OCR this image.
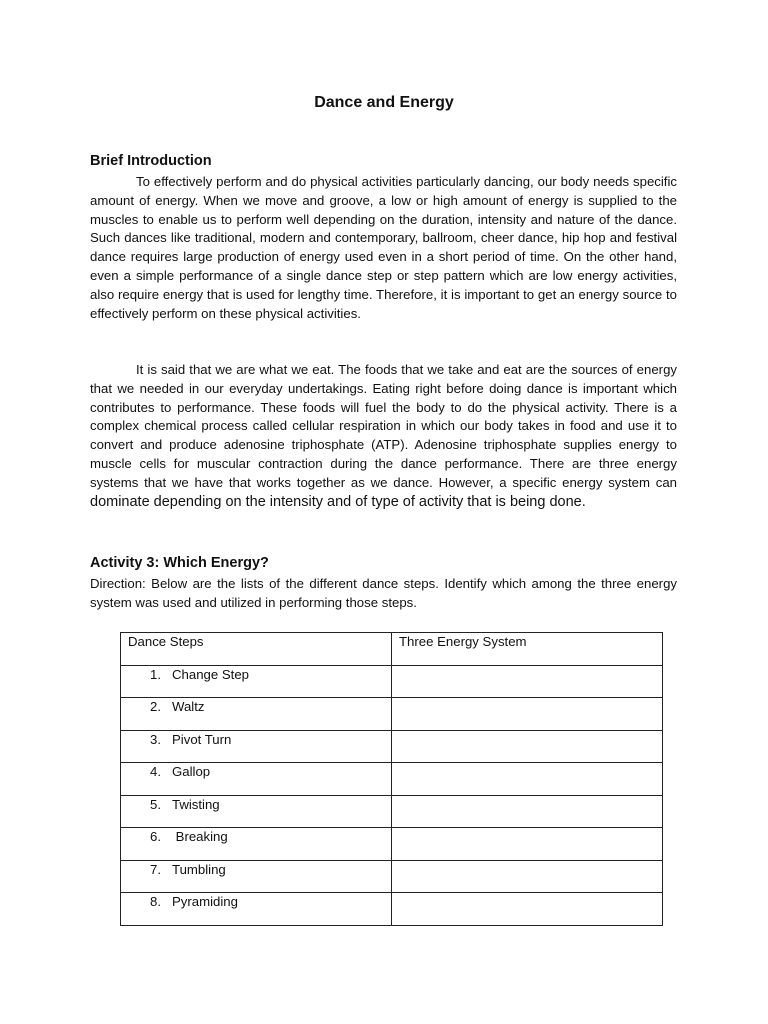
Dance and Energy
Brief Introduction

To effectively perform and do physical activities particularly dancing, our body needs specific amount of energy. When we move and groove, a low or high amount of energy is supplied to the muscles to enable us to perform well depending on the duration, intensity and nature of the dance. Such dances like traditional, modern and contemporary, ballroom, cheer dance, hip hop and festival dance requires large production of energy used even in a short period of time. On the other hand, even a simple performance of a single dance step or step pattern which are low energy activities, also require energy that is used for lengthy time. Therefore, it is important to get an energy source to effectively perform on these physical activities.

It is said that we are what we eat. The foods that we take and eat are the sources of energy that we needed in our everyday undertakings. Eating right before doing dance is important which contributes to performance. These foods will fuel the body to do the physical activity. There is a complex chemical process called cellular respiration in which our body takes in food and use it to convert and produce adenosine triphosphate (ATP). Adenosine triphosphate supplies energy to muscle cells for muscular contraction during the dance performance. There are three energy systems that we have that works together as we dance. However, a specific energy system can dominate depending on the intensity and of type of activity that is being done.

Activity 3: Which Energy?

Direction: Below are the lists of the different dance steps. Identify which among the three energy system was used and utilized in performing those steps.

Dance Steps	Three Energy System

1. Change Step	

2. Waltz	

3. Pivot Turn	

4. Gallop	

5. Twisting	

6. Breaking	

7. Tumbling	

8. Pyramiding	
